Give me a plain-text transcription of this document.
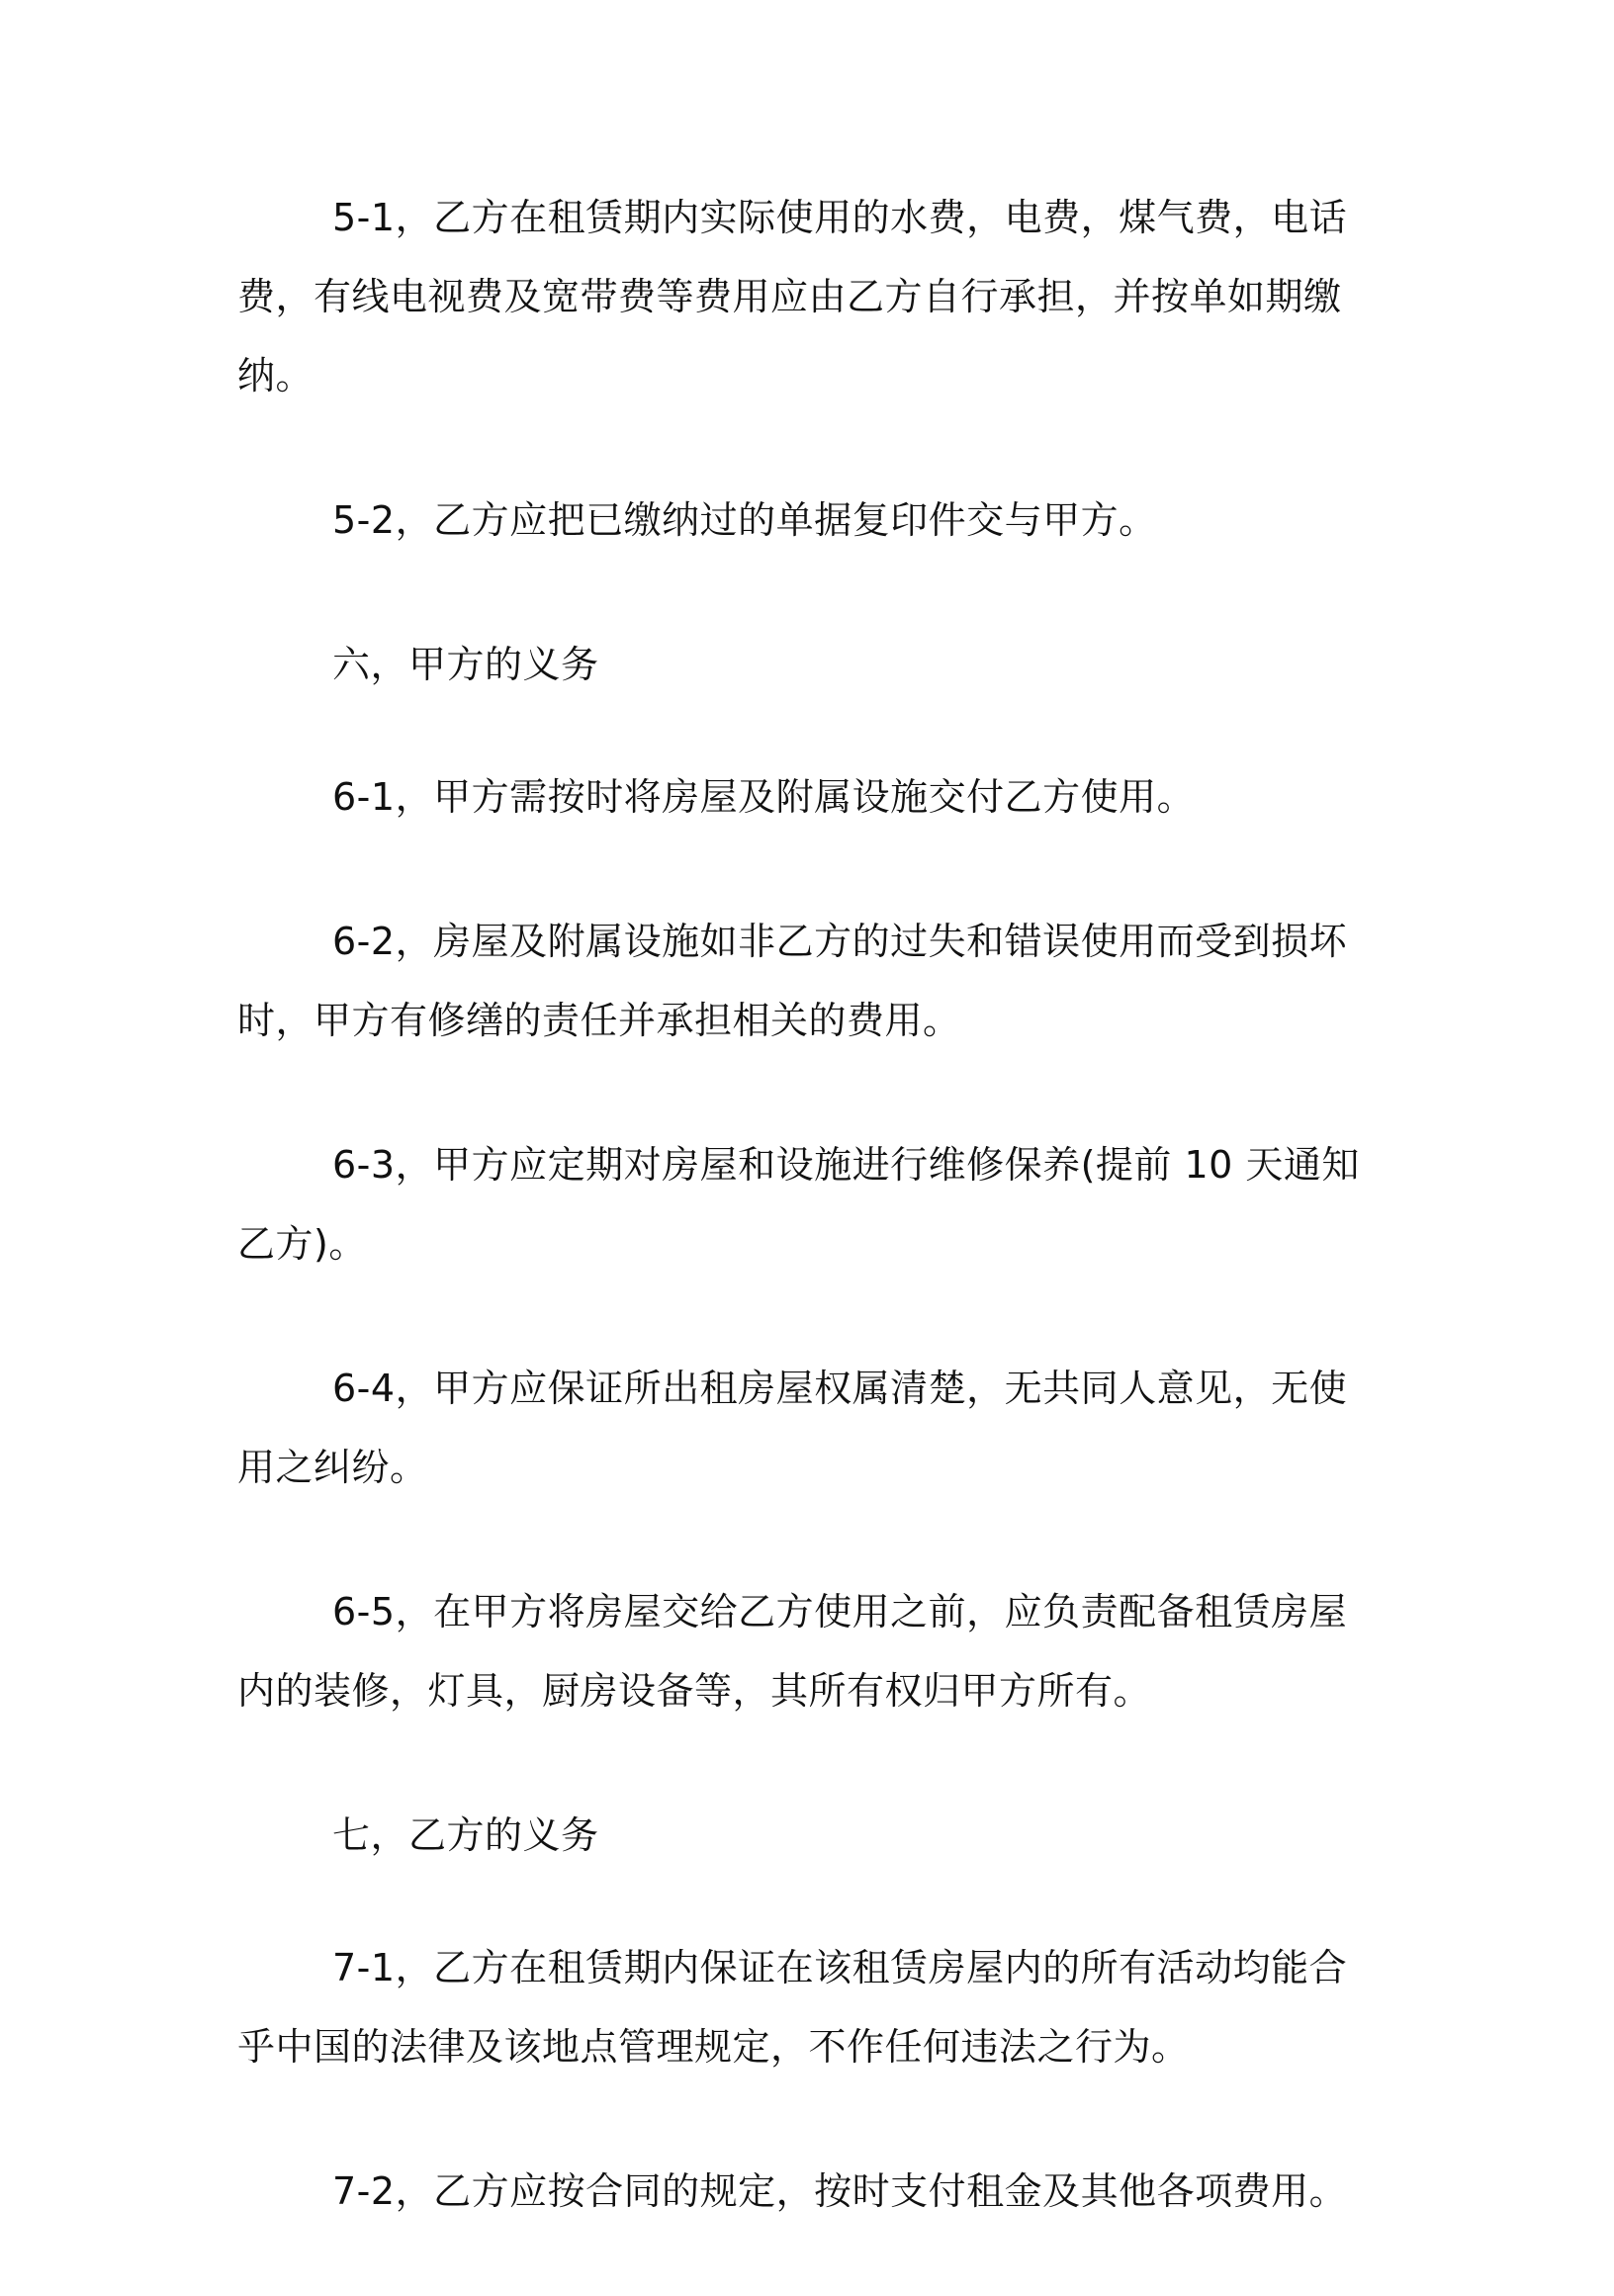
5-1，乙方在租赁期内实际使用的水费，电费，煤气费，电话费，有线电视费及宽带费等费用应由乙方自行承担，并按单如期缴纳。

5-2，乙方应把已缴纳过的单据复印件交与甲方。

六，甲方的义务

6-1，甲方需按时将房屋及附属设施交付乙方使用。

6-2，房屋及附属设施如非乙方的过失和错误使用而受到损坏时，甲方有修缮的责任并承担相关的费用。

6-3，甲方应定期对房屋和设施进行维修保养(提前 10 天通知乙方)。

6-4，甲方应保证所出租房屋权属清楚，无共同人意见，无使用之纠纷。

6-5，在甲方将房屋交给乙方使用之前，应负责配备租赁房屋内的装修，灯具，厨房设备等，其所有权归甲方所有。

七，乙方的义务

7-1，乙方在租赁期内保证在该租赁房屋内的所有活动均能合乎中国的法律及该地点管理规定，不作任何违法之行为。

7-2，乙方应按合同的规定，按时支付租金及其他各项费用。
